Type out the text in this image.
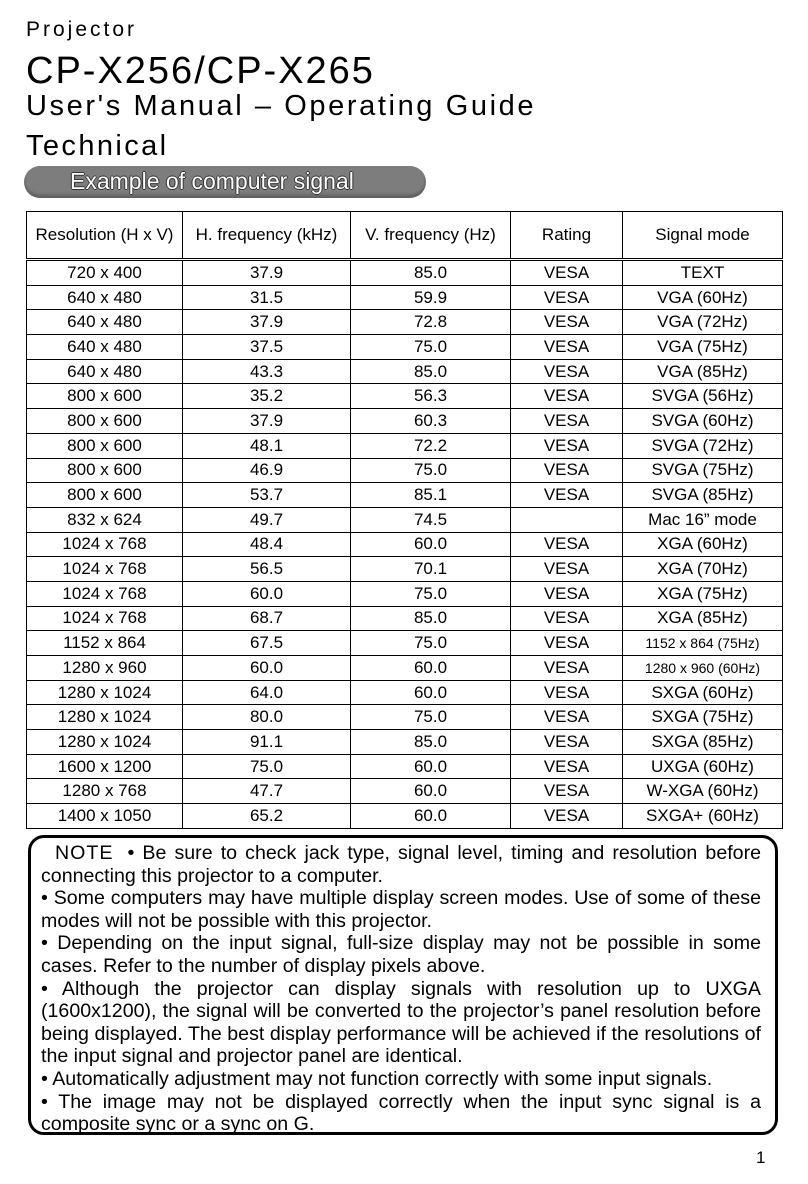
Projector
CP-X256/CP-X265
User's Manual – Operating Guide
Technical
Example of computer signal
Resolution (H x V)	H. frequency (kHz)	V. frequency (Hz)	Rating	Signal mode
720 x 400	37.9	85.0	VESA	TEXT
640 x 480	31.5	59.9	VESA	VGA (60Hz)
640 x 480	37.9	72.8	VESA	VGA (72Hz)
640 x 480	37.5	75.0	VESA	VGA (75Hz)
640 x 480	43.3	85.0	VESA	VGA (85Hz)
800 x 600	35.2	56.3	VESA	SVGA (56Hz)
800 x 600	37.9	60.3	VESA	SVGA (60Hz)
800 x 600	48.1	72.2	VESA	SVGA (72Hz)
800 x 600	46.9	75.0	VESA	SVGA (75Hz)
800 x 600	53.7	85.1	VESA	SVGA (85Hz)
832 x 624	49.7	74.5		Mac 16” mode
1024 x 768	48.4	60.0	VESA	XGA (60Hz)
1024 x 768	56.5	70.1	VESA	XGA (70Hz)
1024 x 768	60.0	75.0	VESA	XGA (75Hz)
1024 x 768	68.7	85.0	VESA	XGA (85Hz)
1152 x 864	67.5	75.0	VESA	1152 x 864 (75Hz)
1280 x 960	60.0	60.0	VESA	1280 x 960 (60Hz)
1280 x 1024	64.0	60.0	VESA	SXGA (60Hz)
1280 x 1024	80.0	75.0	VESA	SXGA (75Hz)
1280 x 1024	91.1	85.0	VESA	SXGA (85Hz)
1600 x 1200	75.0	60.0	VESA	UXGA (60Hz)
1280 x 768	47.7	60.0	VESA	W-XGA (60Hz)
1400 x 1050	65.2	60.0	VESA	SXGA+ (60Hz)

NOTE • Be sure to check jack type, signal level, timing and resolution before connecting this projector to a computer.

• Some computers may have multiple display screen modes. Use of some of these modes will not be possible with this projector.

• Depending on the input signal, full-size display may not be possible in some cases. Refer to the number of display pixels above.

• Although the projector can display signals with resolution up to UXGA (1600x1200), the signal will be converted to the projector’s panel resolution before being displayed. The best display performance will be achieved if the resolutions of the input signal and projector panel are identical.

• Automatically adjustment may not function correctly with some input signals.

• The image may not be displayed correctly when the input sync signal is a composite sync or a sync on G.

1
